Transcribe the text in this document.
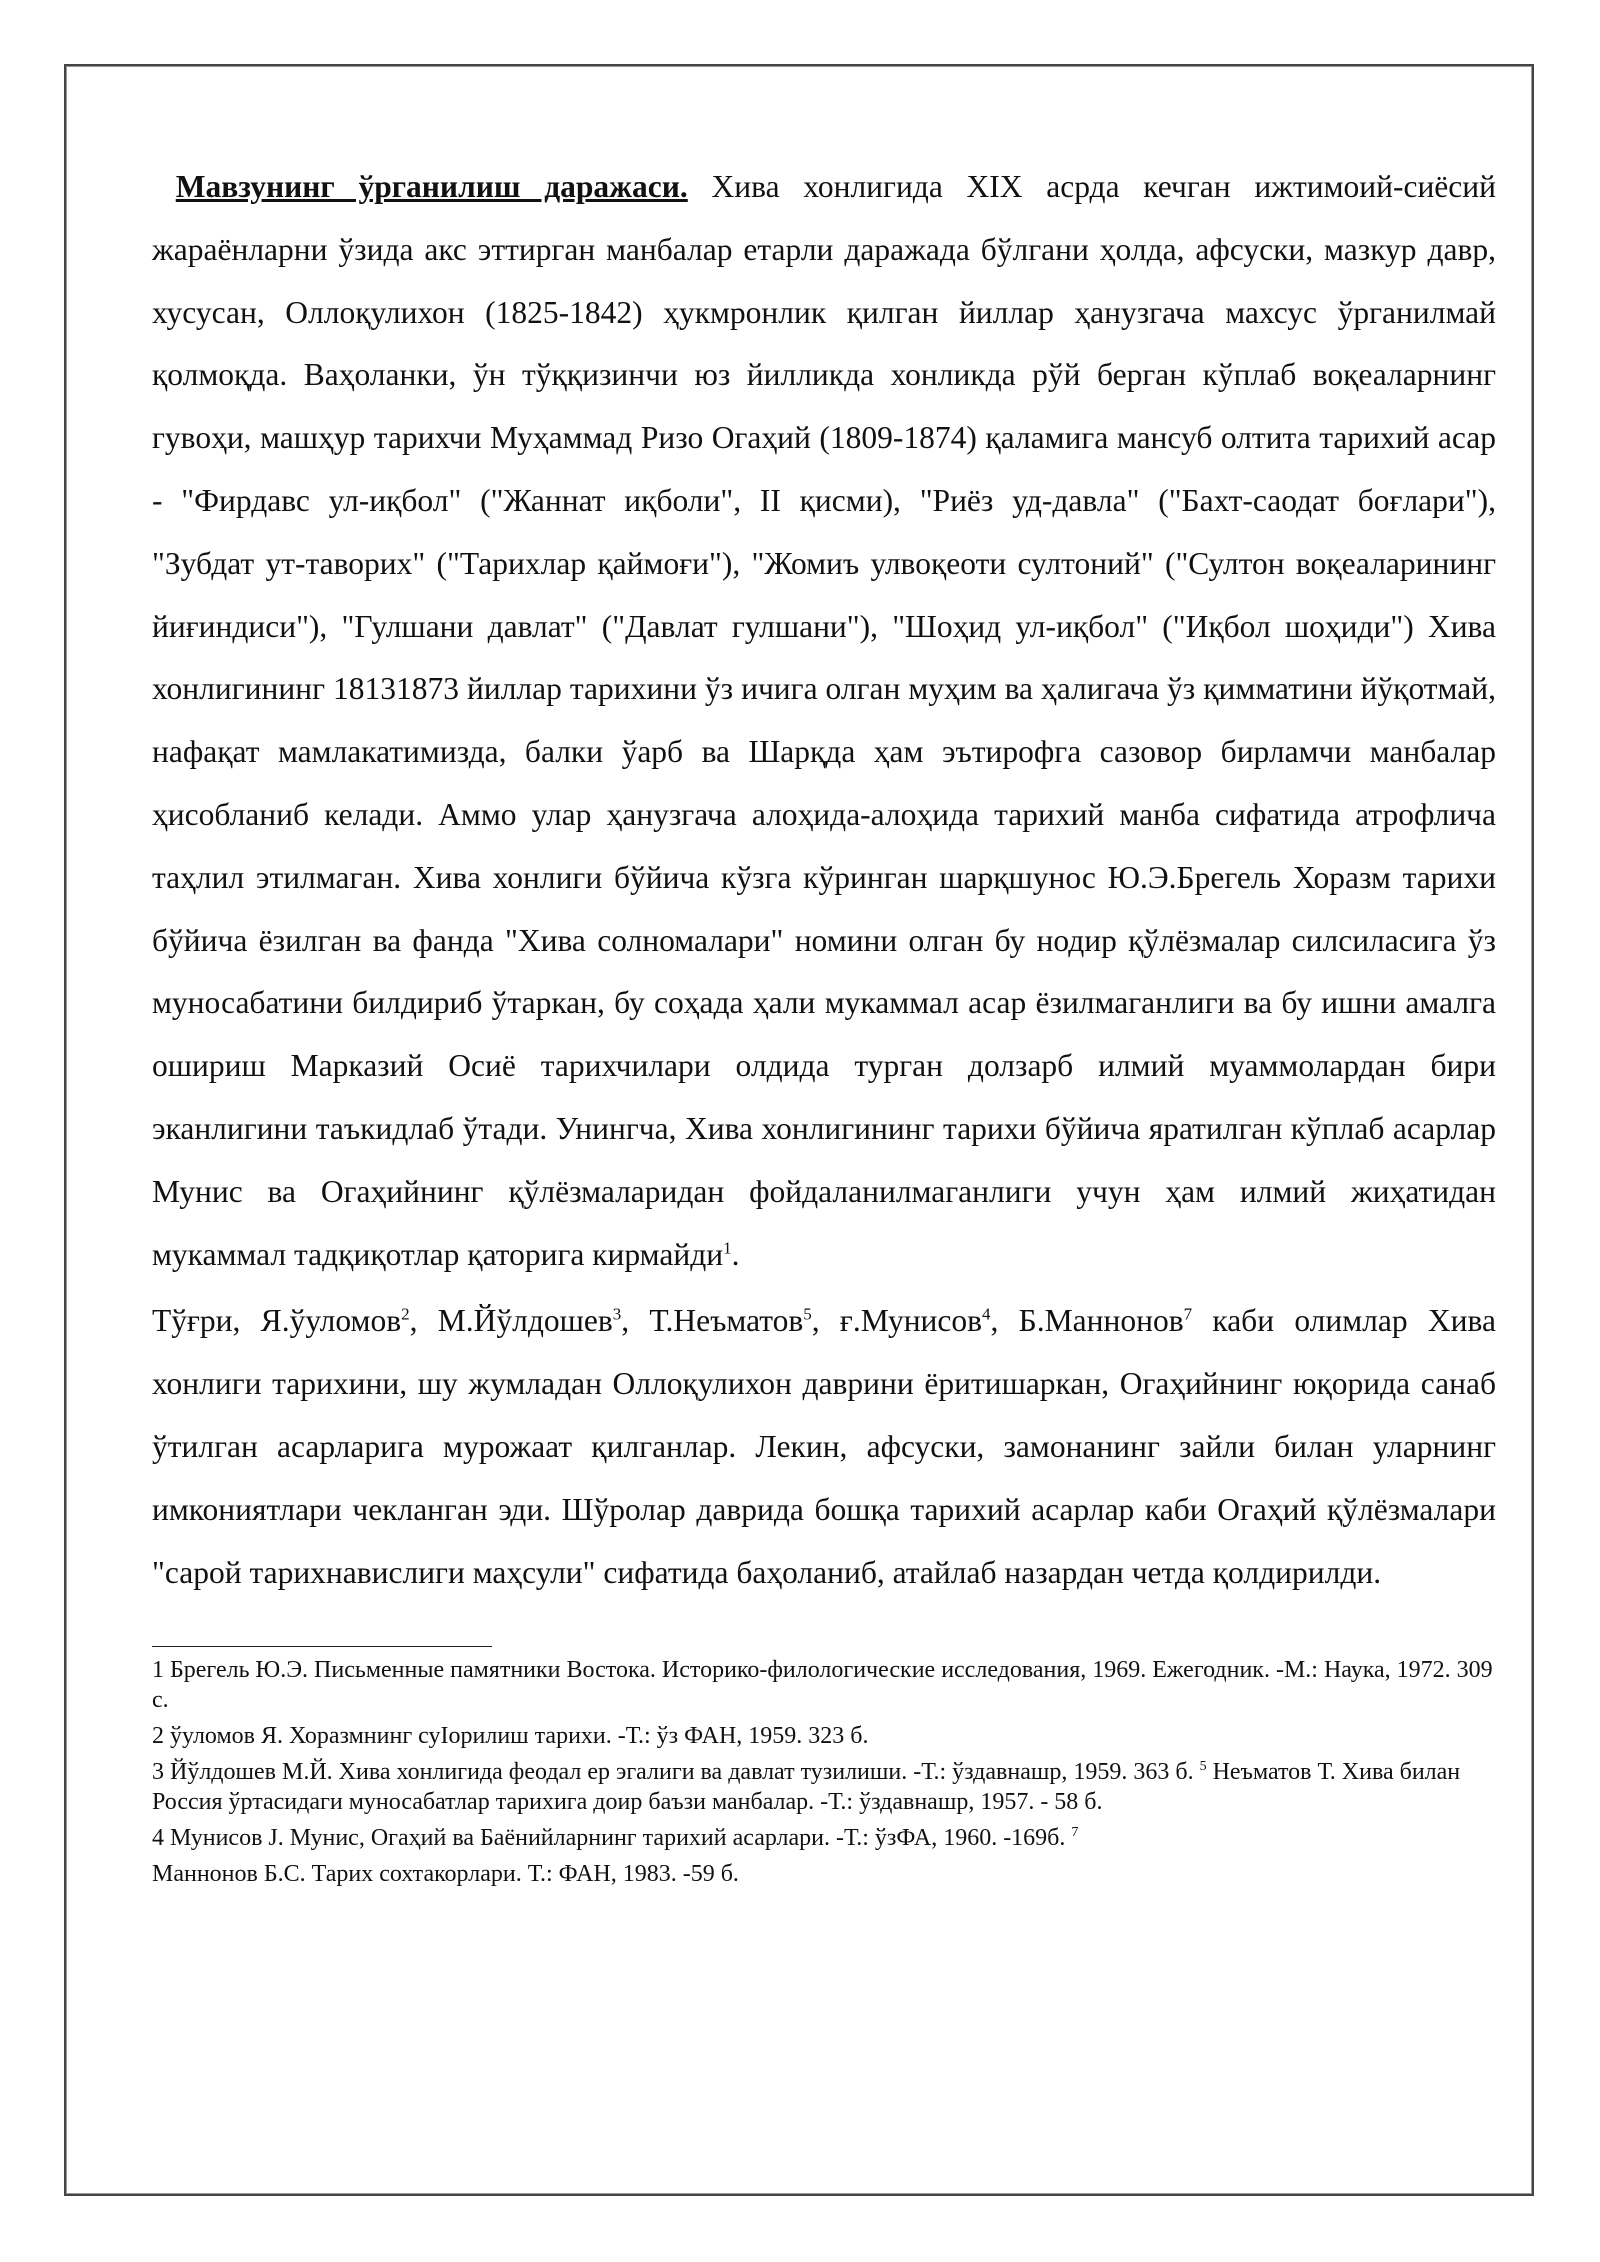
Мавзунинг ўрганилиш даражаси. Хива хонлигида XIX асрда кечган ижтимоий-сиёсий жараёнларни ўзида акс эттирган манбалар етарли даражада бўлгани ҳолда, афсуски, мазкур давр, хусусан, Оллоқулихон (1825-1842) ҳукмронлик қилган йиллар ҳанузгача махсус ўрганилмай қолмоқда. Ваҳоланки, ўн тўққизинчи юз йилликда хонликда рўй берган кўплаб воқеаларнинг гувоҳи, машҳур тарихчи Муҳаммад Ризо Огаҳий (1809-1874) қаламига мансуб олтита тарихий асар - "Фирдавс ул-иқбол" ("Жаннат иқболи", II қисми), "Риёз уд-давла" ("Бахт-саодат боғлари"), "Зубдат ут-таворих" ("Тарихлар қаймоғи"), "Жомиъ улвоқеоти султоний" ("Султон воқеаларининг йиғиндиси"), "Гулшани давлат" ("Давлат гулшани"), "Шоҳид ул-иқбол" ("Иқбол шоҳиди") Хива хонлигининг 18131873 йиллар тарихини ўз ичига олган муҳим ва ҳалигача ўз қимматини йўқотмай, нафақат мамлакатимизда, балки ўарб ва Шарқда ҳам эътирофга сазовор бирламчи манбалар ҳисобланиб келади. Аммо улар ҳанузгача алоҳида-алоҳида тарихий манба сифатида атрофлича таҳлил этилмаган. Хива хонлиги бўйича кўзга кўринган шарқшунос Ю.Э.Брегель Хоразм тарихи бўйича ёзилган ва фанда "Хива солномалари" номини олган бу нодир қўлёзмалар силсиласига ўз муносабатини билдириб ўтаркан, бу соҳада ҳали мукаммал асар ёзилмаганлиги ва бу ишни амалга ошириш Марказий Осиё тарихчилари олдида турган долзарб илмий муаммолардан бири эканлигини таъкидлаб ўтади. Унингча, Хива хонлигининг тарихи бўйича яратилган кўплаб асарлар Мунис ва Огаҳийнинг қўлёзмаларидан фойдаланилмаганлиги учун ҳам илмий жиҳатидан мукаммал тадқиқотлар қаторига кирмайди$^1$.

Тўғри, Я.ўуломов$^2$, М.Йўлдошев$^3$, Т.Неъматов$^5$, ғ.Мунисов$^4$, Б.Маннонов$^7$ каби олимлар Хива хонлиги тарихини, шу жумладан Оллоқулихон даврини ёритишаркан, Огаҳийнинг юқорида санаб ўтилган асарларига мурожаат қилганлар. Лекин, афсуски, замонанинг зайли билан уларнинг имкониятлари чекланган эди. Шўролар даврида бошқа тарихий асарлар каби Огаҳий қўлёзмалари "сарой тарихнавислиги маҳсули" сифатида баҳоланиб, атайлаб назардан четда қолдирилди.

1 Брегель Ю.Э. Письменные памятники Востока. Историко-филологические исследования, 1969. Ежегодник. -М.: Наука, 1972. 309 с.

2 ўуломов Я. Хоразмнинг суІорилиш тарихи. -Т.: ўз ФАН, 1959. 323 б.

3 Йўлдошев М.Й. Хива хонлигида феодал ер эгалиги ва давлат тузилиши. -Т.: ўздавнашр, 1959. 363 б. $^5$ Неъматов Т. Хива билан Россия ўртасидаги муносабатлар тарихига доир баъзи манбалар. -Т.: ўздавнашр, 1957. - 58 б.

4 Мунисов J. Мунис, Огаҳий ва Баёнийларнинг тарихий асарлари. -Т.: ўзФА, 1960. -169б. $^7$

Маннонов Б.С. Тарих сохтакорлари. Т.: ФАН, 1983. -59 б.
